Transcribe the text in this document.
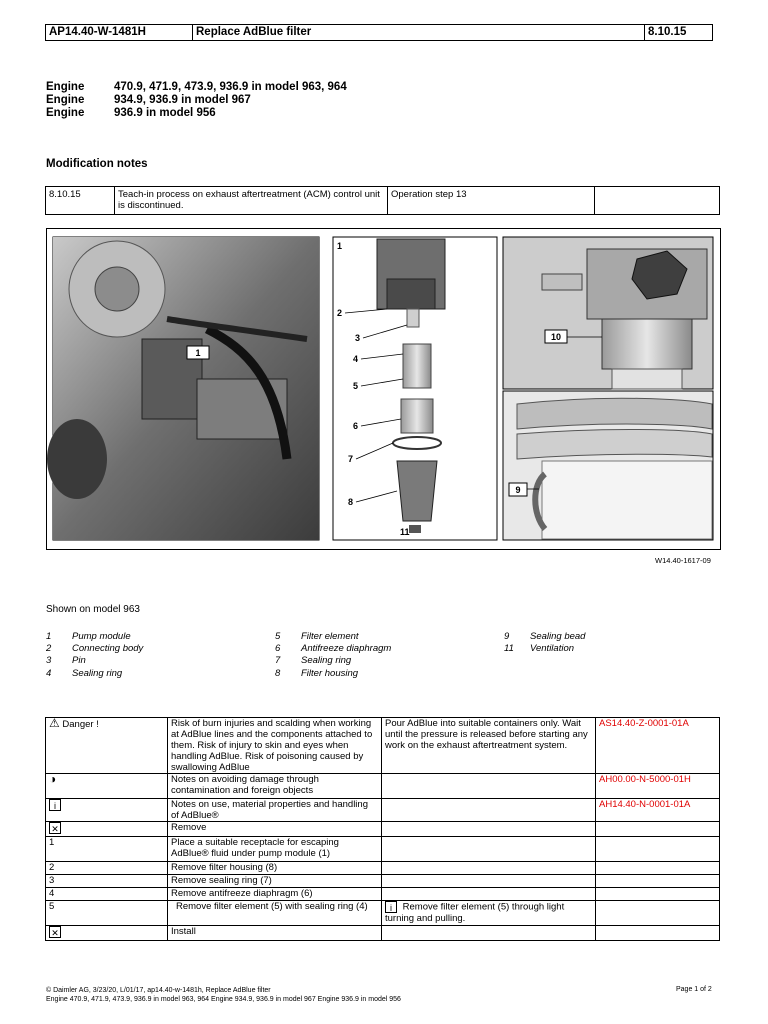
AP14.40-W-1481H	Replace AdBlue filter	8.10.15
Engine	470.9, 471.9, 473.9, 936.9 in model 963, 964
Engine	934.9, 936.9 in model 967
Engine	936.9 in model 956
Modification notes
8.10.15	Teach-in process on exhaust aftertreatment (ACM) control unit is discontinued.	Operation step 13	
1
1
2
3
4
5
6
7
8
11
10
9
W14.40-1617-09
Shown on model 963
1 Pump module
2 Connecting body
3 Pin
4 Sealing ring
5 Filter element
6 Antifreeze diaphragm
7 Sealing ring
8 Filter housing
9 Sealing bead
11 Ventilation
⚠ Danger !	Risk of burn injuries and scalding when working at AdBlue lines and the components attached to them. Risk of injury to skin and eyes when handling AdBlue. Risk of poisoning caused by swallowing AdBlue	Pour AdBlue into suitable containers only. Wait until the pressure is released before starting any work on the exhaust aftertreatment system.	AS14.40-Z-0001-01A
◑	Notes on avoiding damage through contamination and foreign objects		AH00.00-N-5000-01H
i	Notes on use, material properties and handling of AdBlue®		AH14.40-N-0001-01A
✕	Remove		
1	Place a suitable receptacle for escaping AdBlue® fluid under pump module (1)		
2	Remove filter housing (8)		
3	Remove sealing ring (7)		
4	Remove antifreeze diaphragm (6)		
5	Remove filter element (5) with sealing ring (4)	i Remove filter element (5) through light turning and pulling.	
✕	Install		
© Daimler AG, 3/23/20, L/01/17, ap14.40-w-1481h, Replace AdBlue filter
Engine 470.9, 471.9, 473.9, 936.9 in model 963, 964 Engine 934.9, 936.9 in model 967 Engine 936.9 in model 956
Page 1 of 2
